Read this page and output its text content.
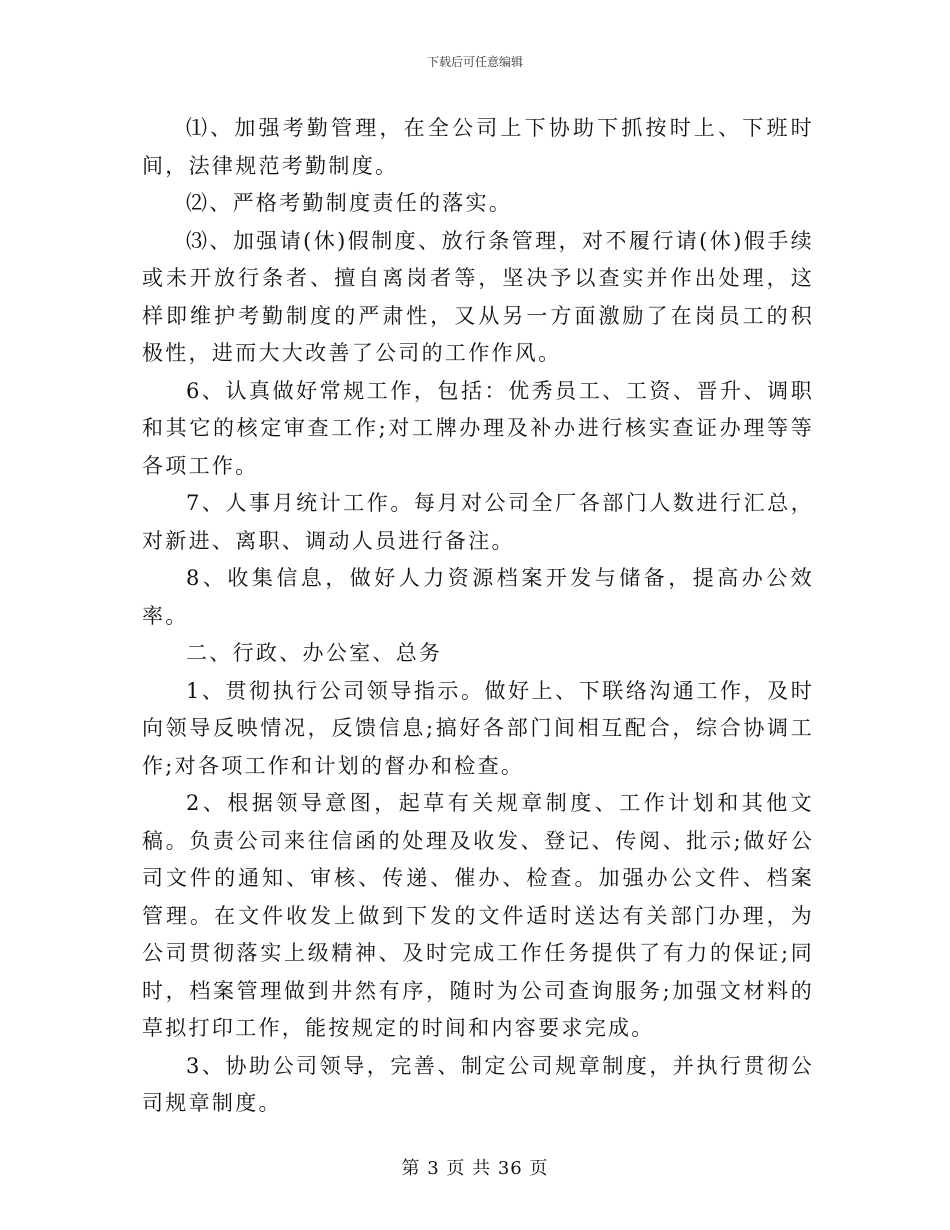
下载后可任意编辑

⑴、加强考勤管理，在全公司上下协助下抓按时上、下班时间，法律规范考勤制度。

⑵、严格考勤制度责任的落实。

⑶、加强请(休)假制度、放行条管理，对不履行请(休)假手续或未开放行条者、擅自离岗者等，坚决予以查实并作出处理，这样即维护考勤制度的严肃性，又从另一方面激励了在岗员工的积极性，进而大大改善了公司的工作作风。

6、认真做好常规工作，包括：优秀员工、工资、晋升、调职和其它的核定审查工作;对工牌办理及补办进行核实查证办理等等各项工作。

7、人事月统计工作。每月对公司全厂各部门人数进行汇总，对新进、离职、调动人员进行备注。

8、收集信息，做好人力资源档案开发与储备，提高办公效率。

二、行政、办公室、总务

1、贯彻执行公司领导指示。做好上、下联络沟通工作，及时向领导反映情况，反馈信息;搞好各部门间相互配合，综合协调工作;对各项工作和计划的督办和检查。

2、根据领导意图，起草有关规章制度、工作计划和其他文稿。负责公司来往信函的处理及收发、登记、传阅、批示;做好公司文件的通知、审核、传递、催办、检查。加强办公文件、档案管理。在文件收发上做到下发的文件适时送达有关部门办理，为公司贯彻落实上级精神、及时完成工作任务提供了有力的保证;同时，档案管理做到井然有序，随时为公司查询服务;加强文材料的草拟打印工作，能按规定的时间和内容要求完成。

3、协助公司领导，完善、制定公司规章制度，并执行贯彻公司规章制度。

第 3 页 共 36 页
